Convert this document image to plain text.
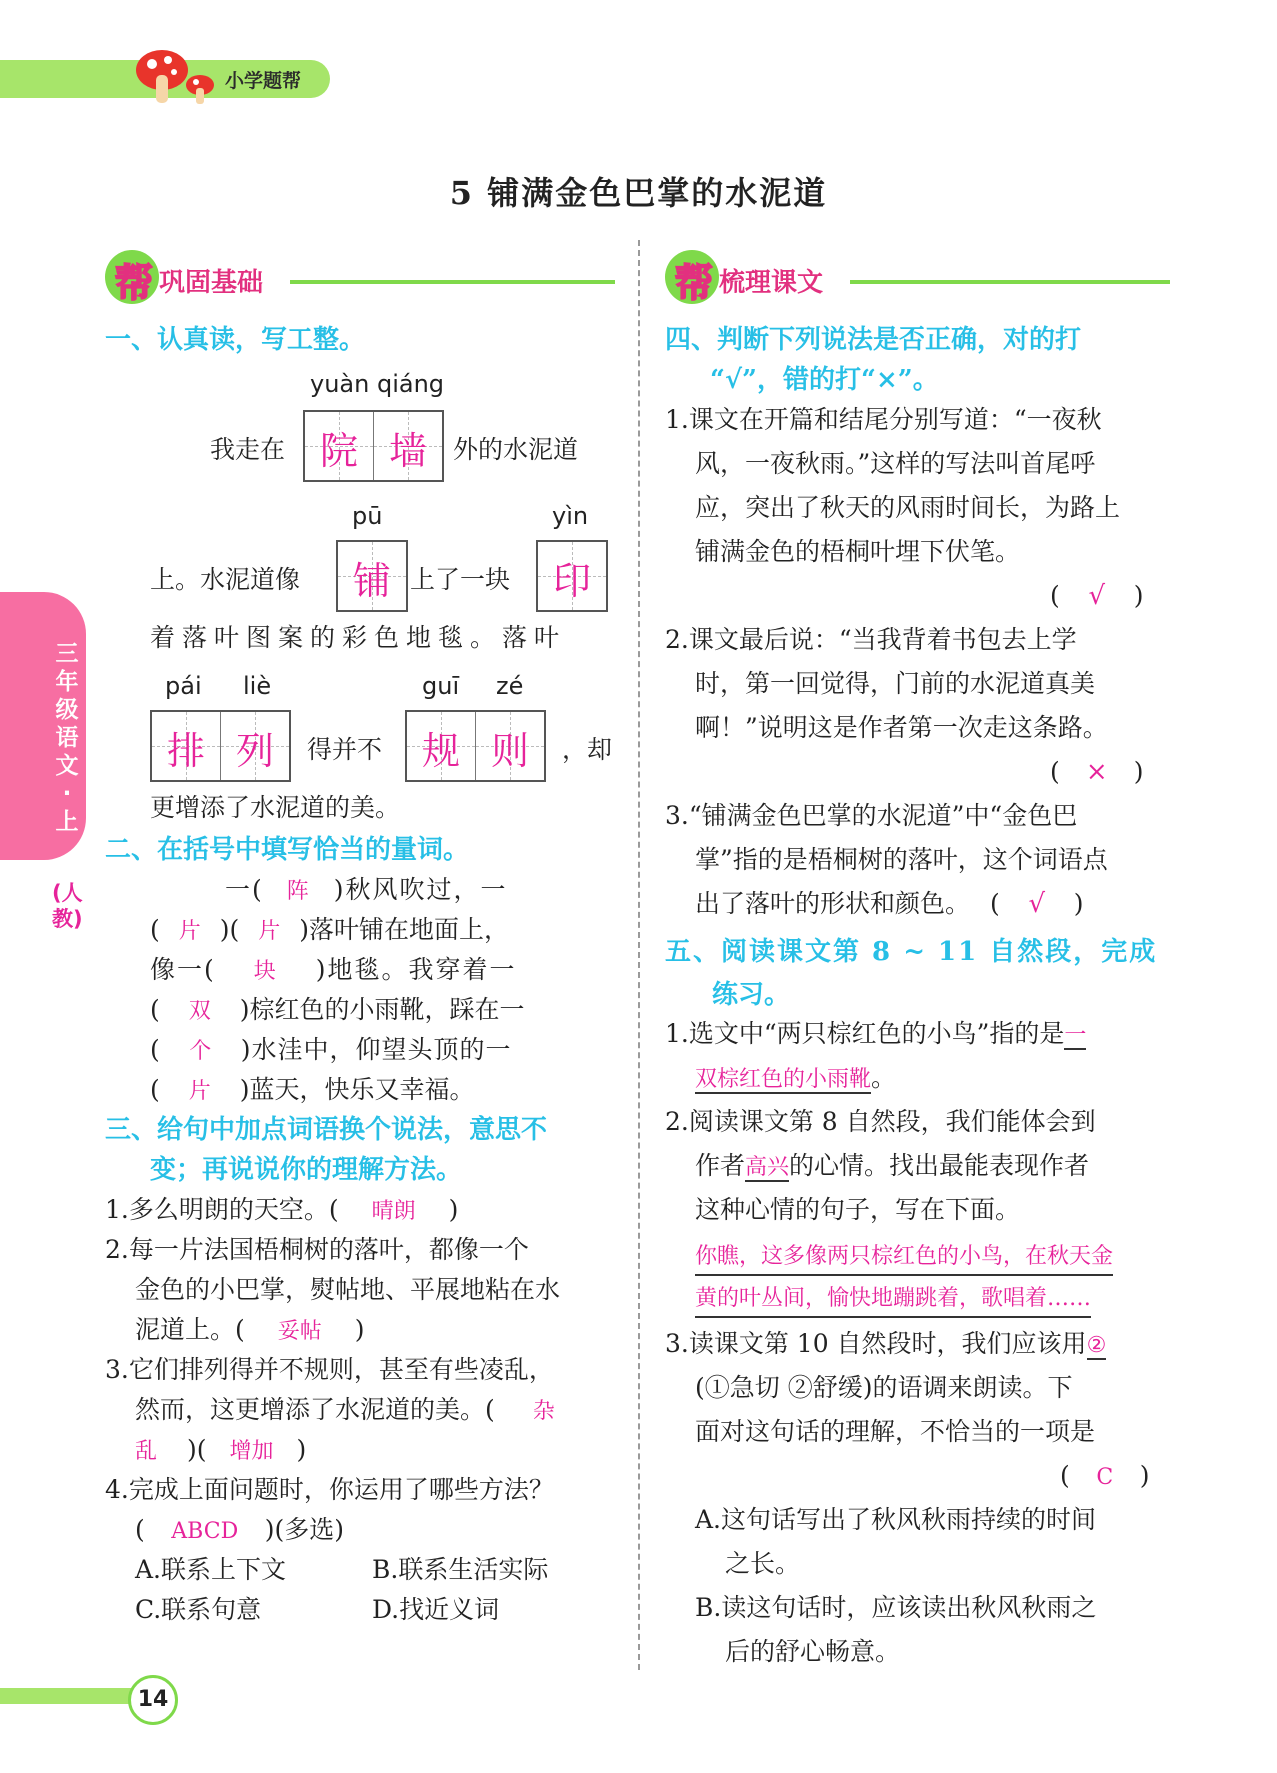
小学题帮
5 铺满金色巴掌的水泥道
三年级语文·上
(人教)
帮 巩固基础	帮 梳理课文
一、认真读，写工整。
yuàn qiáng
我走在 院 墙	外的水泥道
pū	yìn
上。水泥道像	铺 上了一块	印
着落叶图案的彩色地毯。落叶
pái liè	guī zé
排 列	得并不	规 则	，却
更增添了水泥道的美。
二、在括号中填写恰当的量词。
一( 阵 )秋风吹过，一
( 片 )( 片 )落叶铺在地面上，
像一( 块 )地毯。我穿着一
( 双 )棕红色的小雨靴，踩在一
( 个 )水洼中，仰望头顶的一
( 片 )蓝天，快乐又幸福。
三、给句中加点词语换个说法，意思不
变；再说说你的理解方法。
1.多么明朗的天空。( 晴朗 )
2.每一片法国梧桐树的落叶，都像一个
金色的小巴掌，熨帖地、平展地粘在水
泥道上。( 妥帖 )
3.它们排列得并不规则，甚至有些凌乱，
然而，这更增添了水泥道的美。( 杂
乱 )( 增加 )
4.完成上面问题时，你运用了哪些方法？
( ABCD )(多选)
A.联系上下文	B.联系生活实际
C.联系句意	D.找近义词
四、判断下列说法是否正确，对的打
“√”，错的打“×”。
1.课文在开篇和结尾分别写道：“一夜秋
风，一夜秋雨。”这样的写法叫首尾呼
应，突出了秋天的风雨时间长，为路上
铺满金色的梧桐叶埋下伏笔。
( √ )
2.课文最后说：“当我背着书包去上学
时，第一回觉得，门前的水泥道真美
啊！”说明这是作者第一次走这条路。
( × )
3.“铺满金色巴掌的水泥道”中“金色巴
掌”指的是梧桐树的落叶，这个词语点
出了落叶的形状和颜色。 ( √ )
五、阅读课文第 8 ~ 11 自然段，完成
练习。
1.选文中“两只棕红色的小鸟”指的是一
双棕红色的小雨靴。
2.阅读课文第 8 自然段，我们能体会到
作者高兴的心情。找出最能表现作者
这种心情的句子，写在下面。
你瞧，这多像两只棕红色的小鸟，在秋天金
黄的叶丛间，愉快地蹦跳着，歌唱着……
3.读课文第 10 自然段时，我们应该用②
(①急切 ②舒缓)的语调来朗读。下
面对这句话的理解，不恰当的一项是
( C )
A.这句话写出了秋风秋雨持续的时间
之长。
B.读这句话时，应该读出秋风秋雨之
后的舒心畅意。
14
